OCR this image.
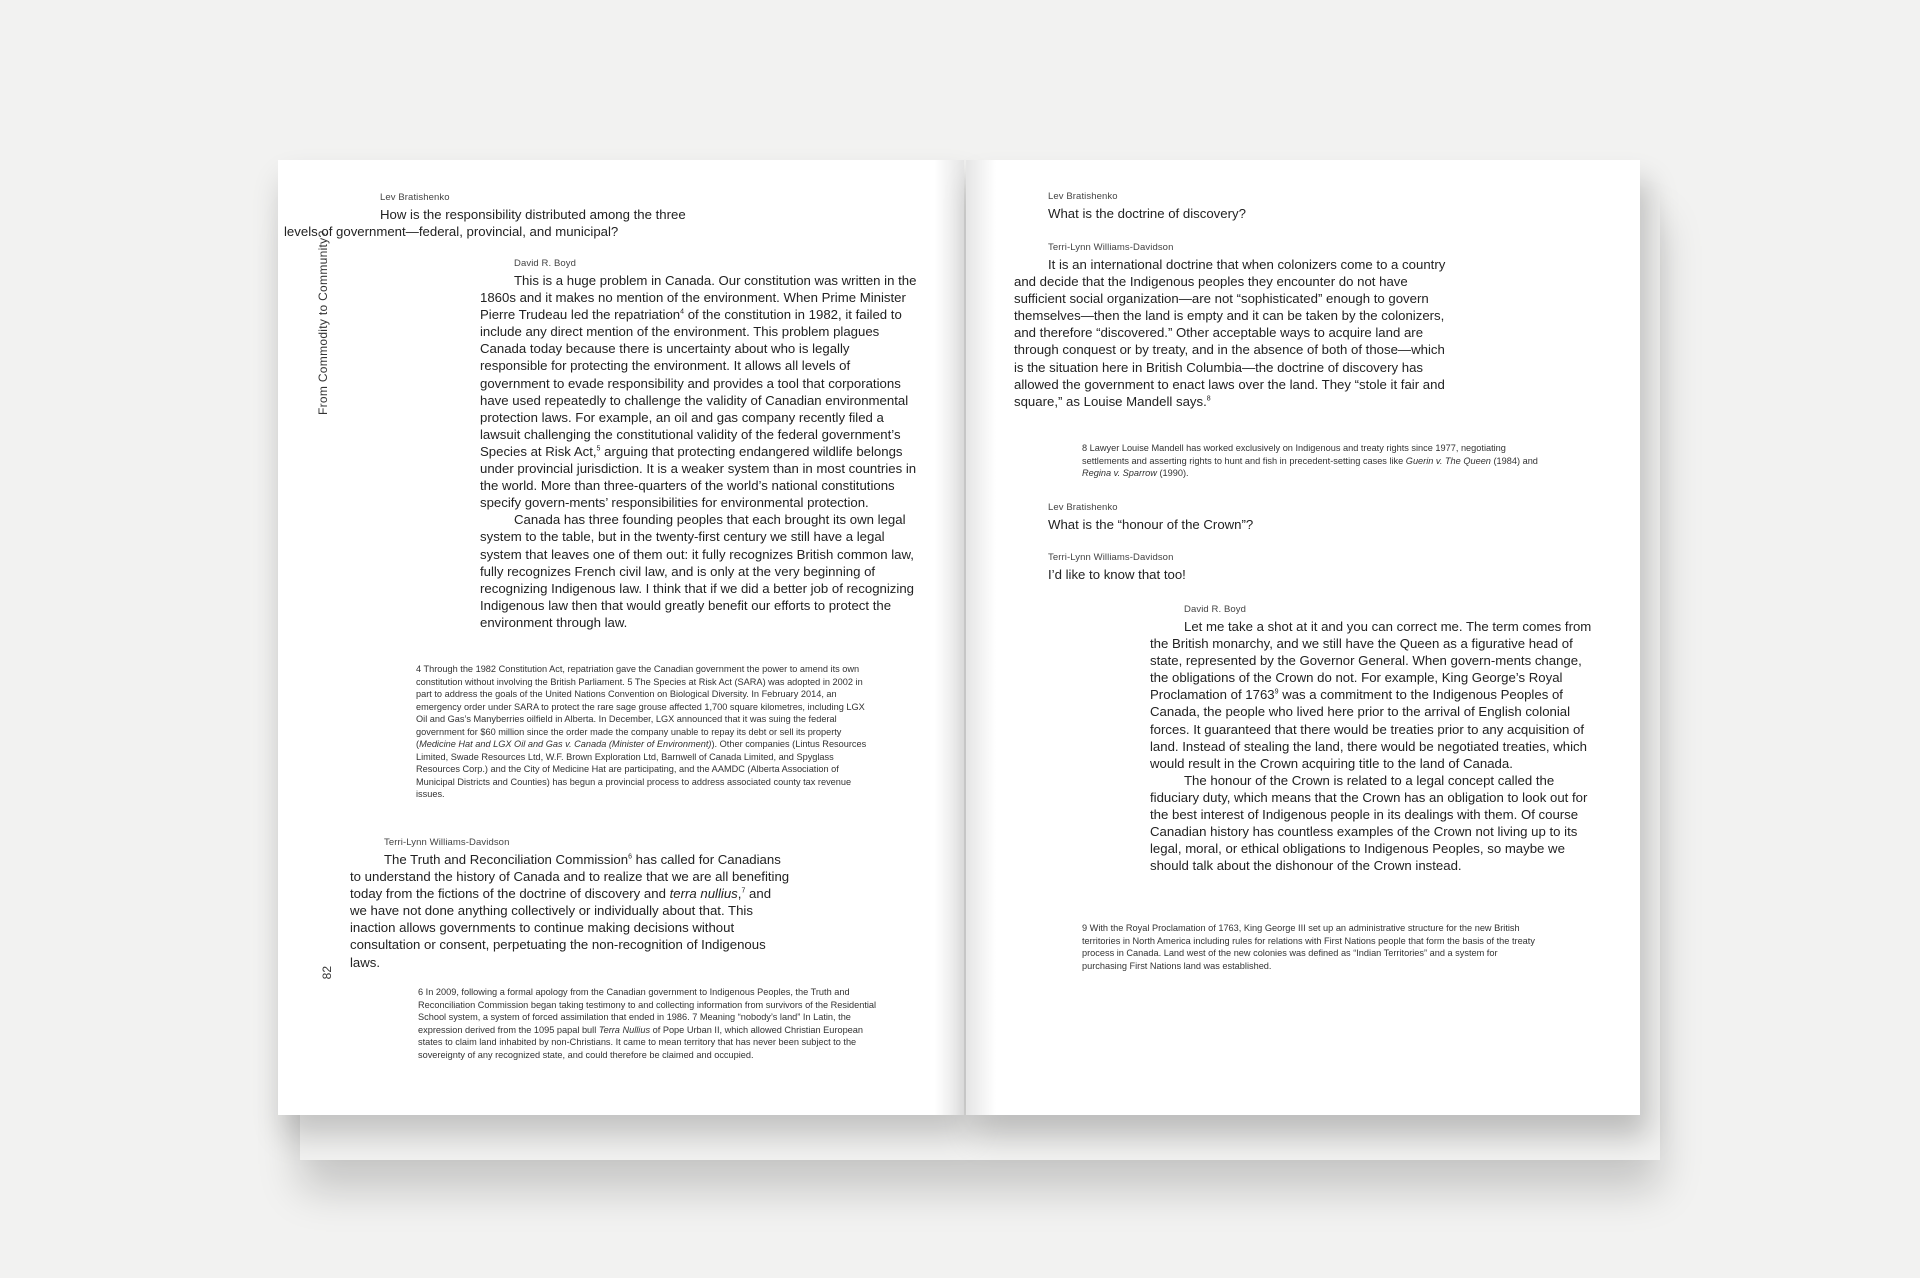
From Commodity to Community?
82
Lev Bratishenko
How is the responsibility distributed among the three levels of government—federal, provincial, and municipal?
David R. Boyd

This is a huge problem in Canada. Our constitution was written in the 1860s and it makes no mention of the environment. When Prime Minister Pierre Trudeau led the repatriation$^4$ of the constitution in 1982, it failed to include any direct mention of the environment. This problem plagues Canada today because there is uncertainty about who is legally responsible for protecting the environment. It allows all levels of government to evade responsibility and provides a tool that corporations have used repeatedly to challenge the validity of Canadian environmental protection laws. For example, an oil and gas company recently filed a lawsuit challenging the constitutional validity of the federal government’s Species at Risk Act,$^5$ arguing that protecting endangered wildlife belongs under provincial jurisdiction. It is a weaker system than in most countries in the world. More than three-quarters of the world’s national constitutions specify govern-ments’ responsibilities for environmental protection.

Canada has three founding peoples that each brought its own legal system to the table, but in the twenty-first century we still have a legal system that leaves one of them out: it fully recognizes British common law, fully recognizes French civil law, and is only at the very beginning of recognizing Indigenous law. I think that if we did a better job of recognizing Indigenous law then that would greatly benefit our efforts to protect the environment through law.

4 Through the 1982 Constitution Act, repatriation gave the Canadian government the power to amend its own constitution without involving the British Parliament. 5 The Species at Risk Act (SARA) was adopted in 2002 in part to address the goals of the United Nations Convention on Biological Diversity. In February 2014, an emergency order under SARA to protect the rare sage grouse affected 1,700 square kilometres, including LGX Oil and Gas’s Manyberries oilfield in Alberta. In December, LGX announced that it was suing the federal government for $60 million since the order made the company unable to repay its debt or sell its property (Medicine Hat and LGX Oil and Gas v. Canada (Minister of Environment)). Other companies (Lintus Resources Limited, Swade Resources Ltd, W.F. Brown Exploration Ltd, Barnwell of Canada Limited, and Spyglass Resources Corp.) and the City of Medicine Hat are participating, and the AAMDC (Alberta Association of Municipal Districts and Counties) has begun a provincial process to address associated county tax revenue issues.
Terri-Lynn Williams-Davidson

The Truth and Reconciliation Commission$^6$ has called for Canadians to understand the history of Canada and to realize that we are all benefiting today from the fictions of the doctrine of discovery and terra nullius,$^7$ and we have not done anything collectively or individually about that. This inaction allows governments to continue making decisions without consultation or consent, perpetuating the non-recognition of Indigenous laws.

6 In 2009, following a formal apology from the Canadian government to Indigenous Peoples, the Truth and Reconciliation Commission began taking testimony to and collecting information from survivors of the Residential School system, a system of forced assimilation that ended in 1986. 7 Meaning “nobody’s land” In Latin, the expression derived from the 1095 papal bull Terra Nullius of Pope Urban II, which allowed Christian European states to claim land inhabited by non-Christians. It came to mean territory that has never been subject to the sovereignty of any recognized state, and could therefore be claimed and occupied.
Lev Bratishenko
What is the doctrine of discovery?
Terri-Lynn Williams-Davidson

It is an international doctrine that when colonizers come to a country and decide that the Indigenous peoples they encounter do not have sufficient social organization—are not “sophisticated” enough to govern themselves—then the land is empty and it can be taken by the colonizers, and therefore “discovered.” Other acceptable ways to acquire land are through conquest or by treaty, and in the absence of both of those—which is the situation here in British Columbia—the doctrine of discovery has allowed the government to enact laws over the land. They “stole it fair and square,” as Louise Mandell says.$^8$

8 Lawyer Louise Mandell has worked exclusively on Indigenous and treaty rights since 1977, negotiating settlements and asserting rights to hunt and fish in precedent-setting cases like Guerin v. The Queen (1984) and Regina v. Sparrow (1990).
Lev Bratishenko
What is the “honour of the Crown”?
Terri-Lynn Williams-Davidson
I’d like to know that too!
David R. Boyd

Let me take a shot at it and you can correct me. The term comes from the British monarchy, and we still have the Queen as a figurative head of state, represented by the Governor General. When govern-ments change, the obligations of the Crown do not. For example, King George’s Royal Proclamation of 1763$^9$ was a commitment to the Indigenous Peoples of Canada, the people who lived here prior to the arrival of English colonial forces. It guaranteed that there would be treaties prior to any acquisition of land. Instead of stealing the land, there would be negotiated treaties, which would result in the Crown acquiring title to the land of Canada.

The honour of the Crown is related to a legal concept called the fiduciary duty, which means that the Crown has an obligation to look out for the best interest of Indigenous people in its dealings with them. Of course Canadian history has countless examples of the Crown not living up to its legal, moral, or ethical obligations to Indigenous Peoples, so maybe we should talk about the dishonour of the Crown instead.

9 With the Royal Proclamation of 1763, King George III set up an administrative structure for the new British territories in North America including rules for relations with First Nations people that form the basis of the treaty process in Canada. Land west of the new colonies was defined as “Indian Territories” and a system for purchasing First Nations land was established.
